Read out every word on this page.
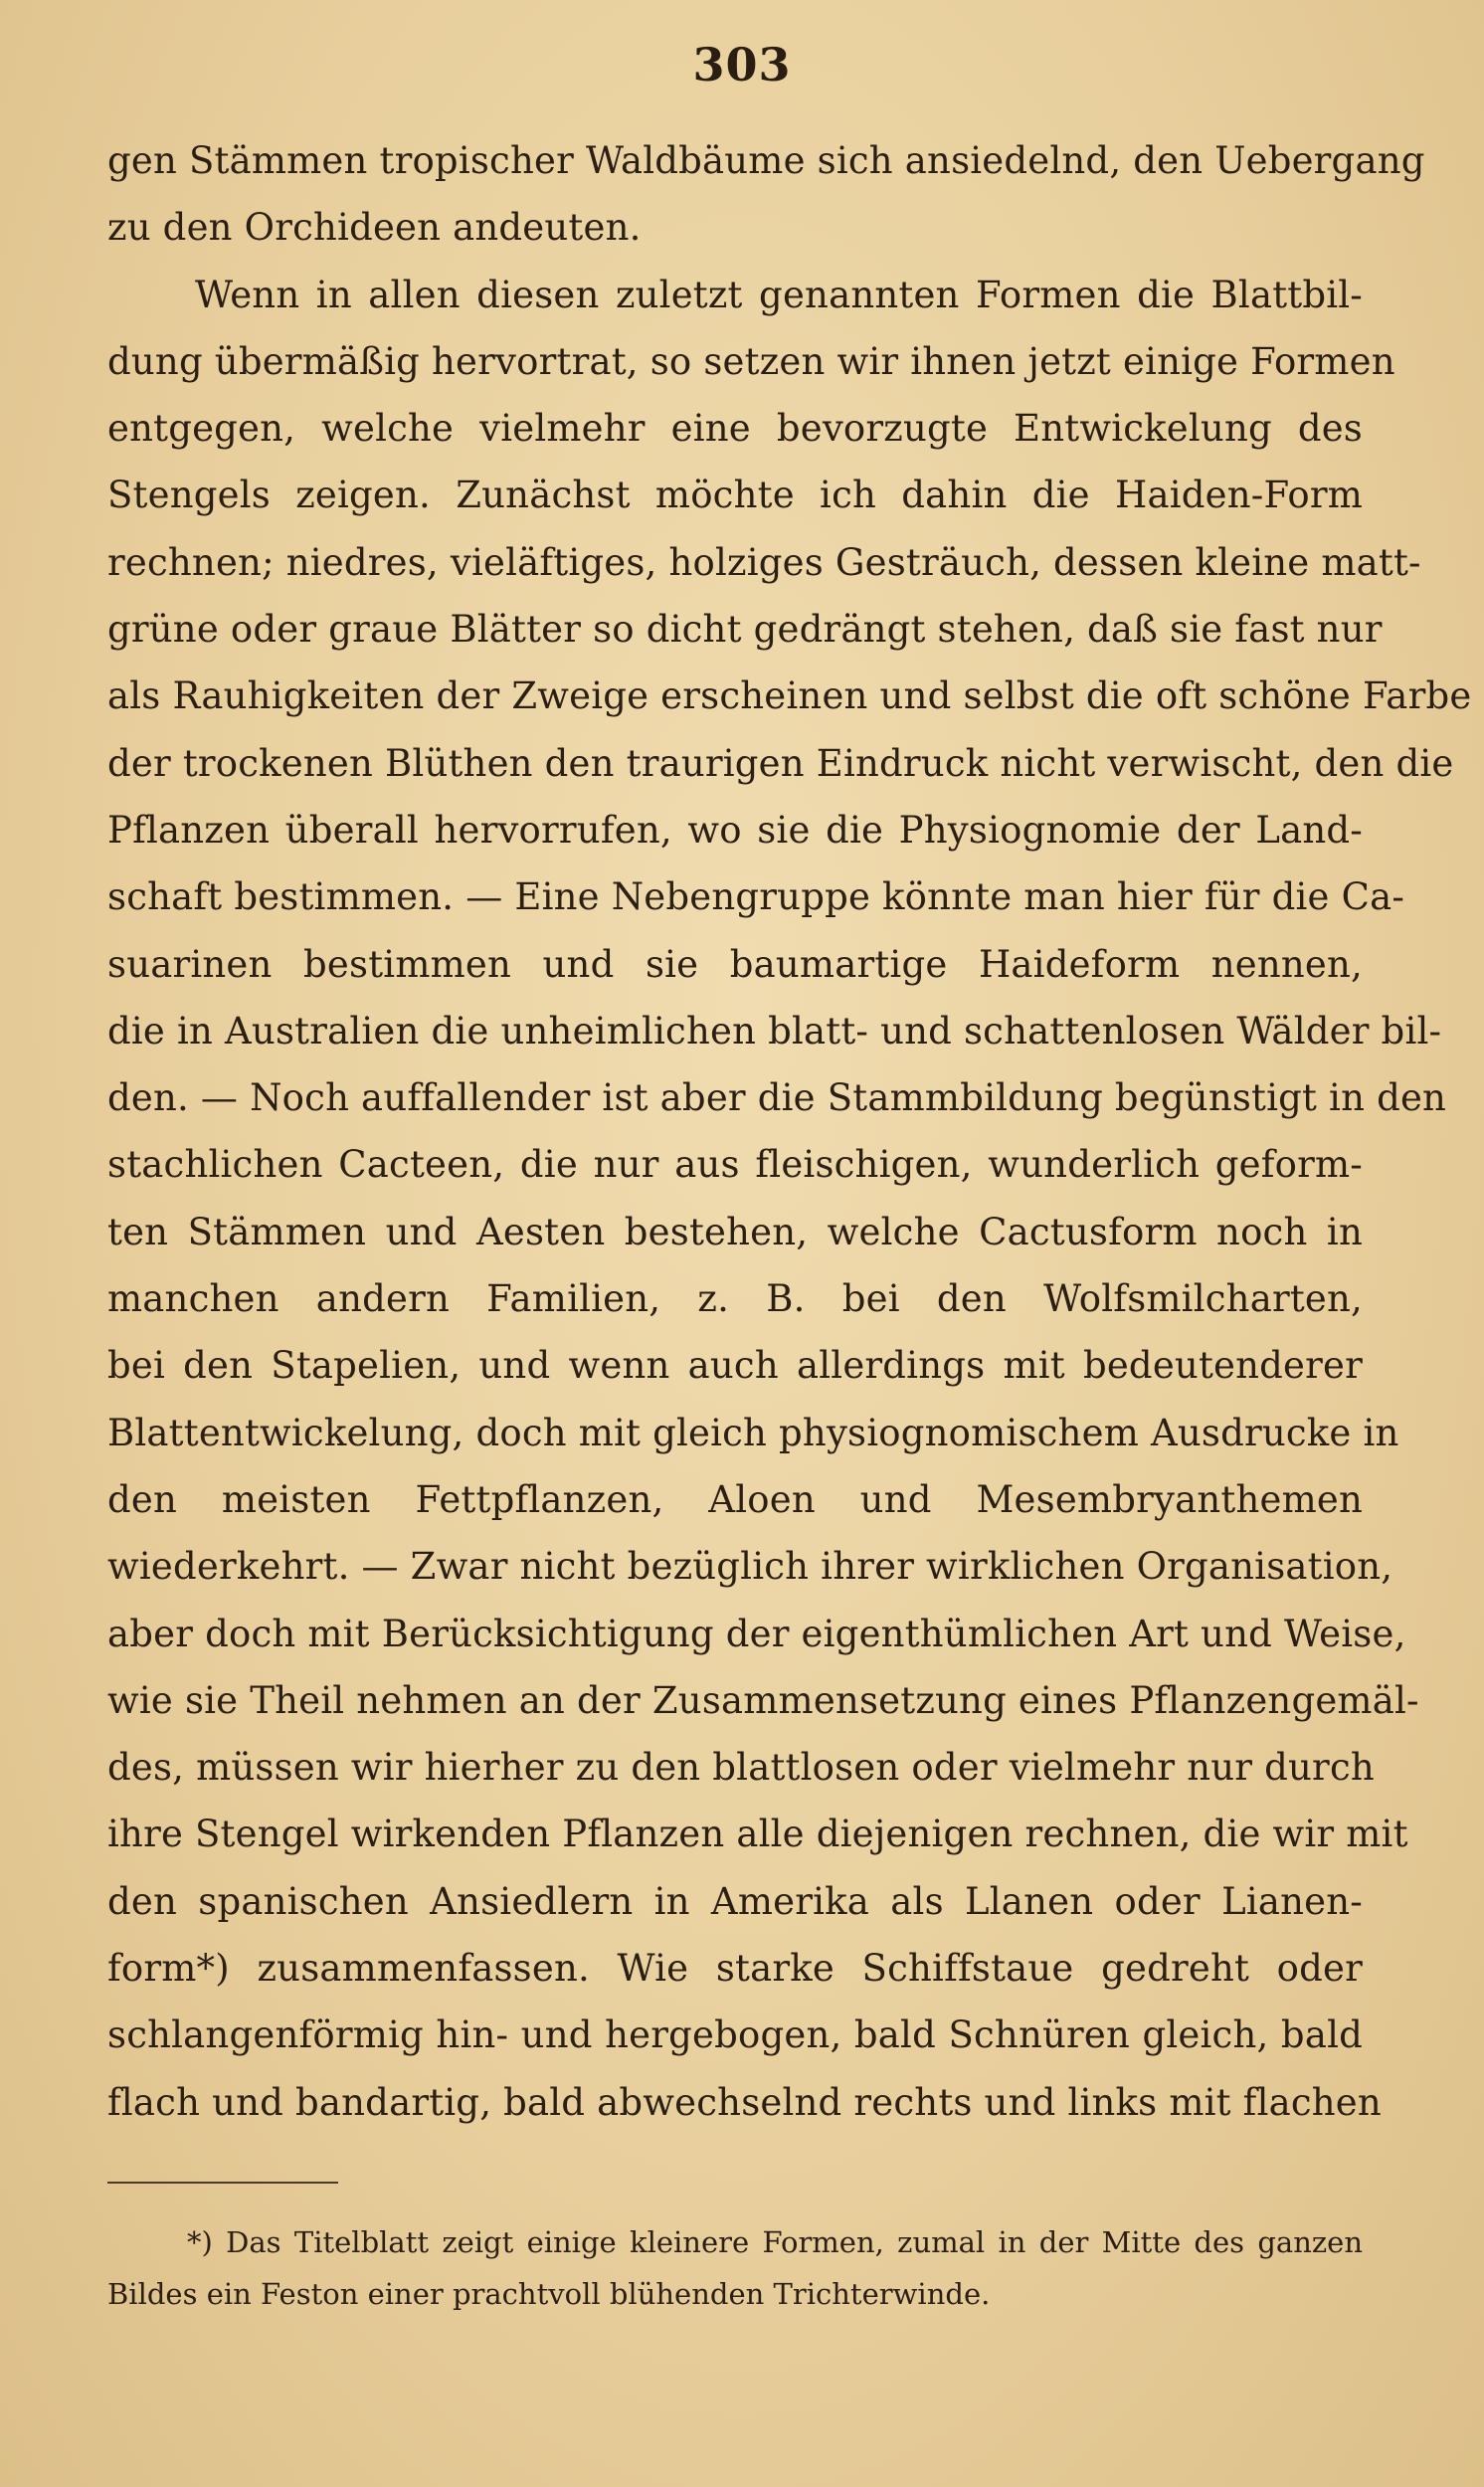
303
gen Stämmen tropischer Waldbäume sich ansiedelnd, den Uebergang
zu den Orchideen andeuten.
Wenn in allen diesen zuletzt genannten Formen die Blattbil-
dung übermäßig hervortrat, so setzen wir ihnen jetzt einige Formen
entgegen, welche vielmehr eine bevorzugte Entwickelung des
Stengels zeigen. Zunächst möchte ich dahin die Haiden-Form
rechnen; niedres, vieläftiges, holziges Gesträuch, dessen kleine matt-
grüne oder graue Blätter so dicht gedrängt stehen, daß sie fast nur
als Rauhigkeiten der Zweige erscheinen und selbst die oft schöne Farbe
der trockenen Blüthen den traurigen Eindruck nicht verwischt, den die
Pflanzen überall hervorrufen, wo sie die Physiognomie der Land-
schaft bestimmen. — Eine Nebengruppe könnte man hier für die Ca-
suarinen bestimmen und sie baumartige Haideform nennen,
die in Australien die unheimlichen blatt- und schattenlosen Wälder bil-
den. — Noch auffallender ist aber die Stammbildung begünstigt in den
stachlichen Cacteen, die nur aus fleischigen, wunderlich geform-
ten Stämmen und Aesten bestehen, welche Cactusform noch in
manchen andern Familien, z. B. bei den Wolfsmilcharten,
bei den Stapelien, und wenn auch allerdings mit bedeutenderer
Blattentwickelung, doch mit gleich physiognomischem Ausdrucke in
den meisten Fettpflanzen, Aloen und Mesembryanthemen
wiederkehrt. — Zwar nicht bezüglich ihrer wirklichen Organisation,
aber doch mit Berücksichtigung der eigenthümlichen Art und Weise,
wie sie Theil nehmen an der Zusammensetzung eines Pflanzengemäl-
des, müssen wir hierher zu den blattlosen oder vielmehr nur durch
ihre Stengel wirkenden Pflanzen alle diejenigen rechnen, die wir mit
den spanischen Ansiedlern in Amerika als Llanen oder Lianen-
form*) zusammenfassen. Wie starke Schiffstaue gedreht oder
schlangenförmig hin- und hergebogen, bald Schnüren gleich, bald
flach und bandartig, bald abwechselnd rechts und links mit flachen
*) Das Titelblatt zeigt einige kleinere Formen, zumal in der Mitte des ganzen
Bildes ein Feston einer prachtvoll blühenden Trichterwinde.
